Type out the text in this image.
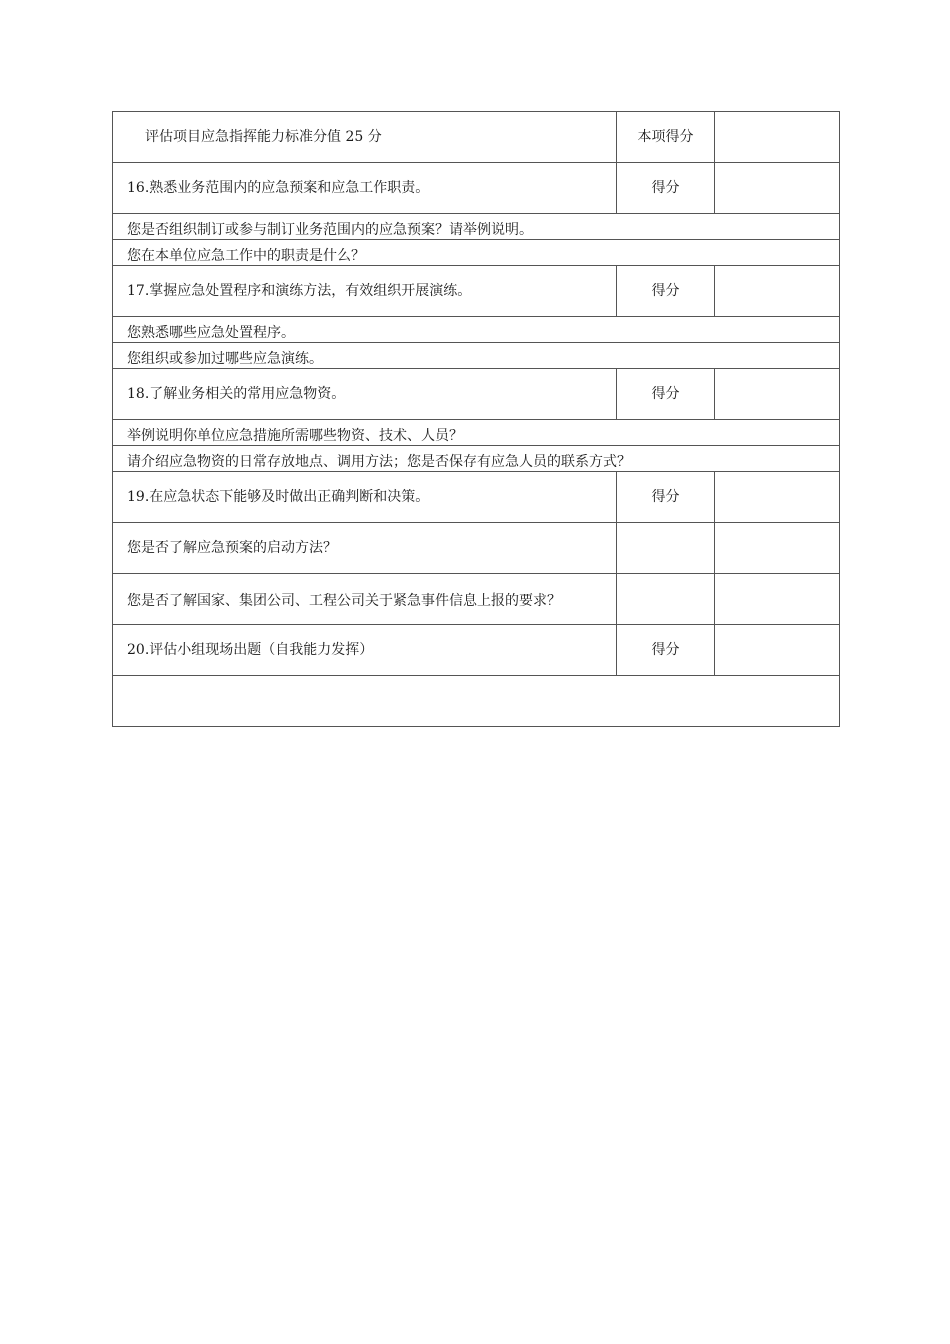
评估项目应急指挥能力标准分值 25 分	本项得分	
16.熟悉业务范围内的应急预案和应急工作职责。	得分	
您是否组织制订或参与制订业务范围内的应急预案？请举例说明。		
您在本单位应急工作中的职责是什么？		
17.掌握应急处置程序和演练方法，有效组织开展演练。	得分	
您熟悉哪些应急处置程序。		
您组织或参加过哪些应急演练。		
18.了解业务相关的常用应急物资。	得分	
举例说明你单位应急措施所需哪些物资、技术、人员？		
请介绍应急物资的日常存放地点、调用方法；您是否保存有应急人员的联系方式？		
19.在应急状态下能够及时做出正确判断和决策。	得分	
您是否了解应急预案的启动方法？		
您是否了解国家、集团公司、工程公司关于紧急事件信息上报的要求？		
20.评估小组现场出题（自我能力发挥）	得分	
